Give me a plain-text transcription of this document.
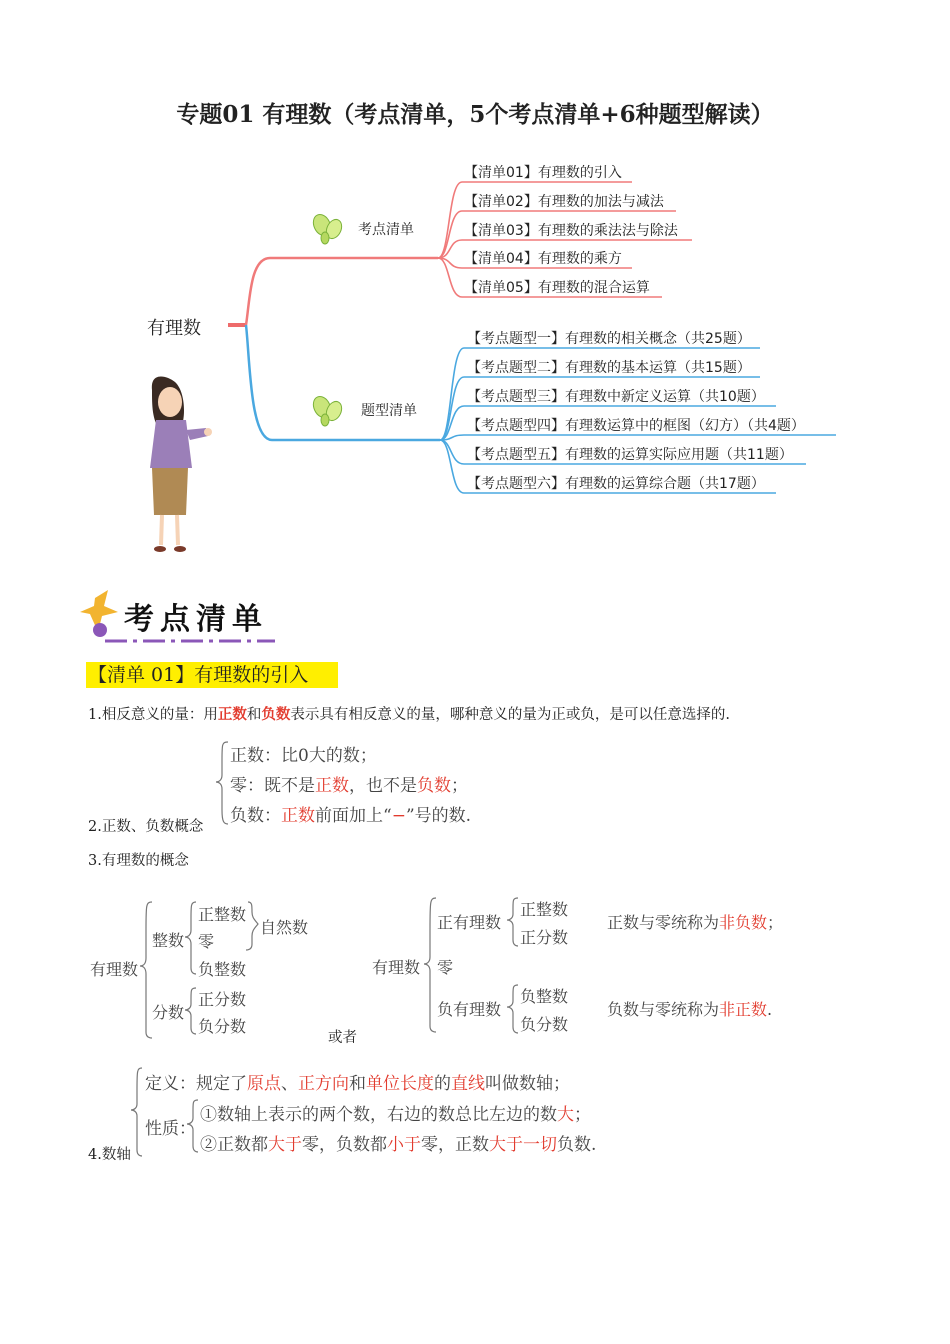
专题01 有理数（考点清单，5个考点清单+6种题型解读）
有理数
考点清单
题型清单
【清单01】有理数的引入
【清单02】有理数的加法与减法
【清单03】有理数的乘法法与除法
【清单04】有理数的乘方
【清单05】有理数的混合运算
【考点题型一】有理数的相关概念（共25题）
【考点题型二】有理数的基本运算（共15题）
【考点题型三】有理数中新定义运算（共10题）
【考点题型四】有理数运算中的框图（幻方）（共4题）
【考点题型五】有理数的运算实际应用题（共11题）
【考点题型六】有理数的运算综合题（共17题）
考点清单
【清单 01】有理数的引入
1.相反意义的量：用正数和负数表示具有相反意义的量，哪种意义的量为正或负，是可以任意选择的.
2.正数、负数概念
正数：比0大的数；
零：既不是正数，也不是负数；
负数：正数前面加上“−”号的数.
3.有理数的概念
有理数
整数
正整数
零
自然数
负整数
分数
正分数
负分数
或者
有理数
正有理数
正整数
正分数
零
负有理数
负整数
负分数
正数与零统称为非负数；
负数与零统称为非正数.
4.数轴
定义：规定了原点、正方向和单位长度的直线叫做数轴；
性质：
①数轴上表示的两个数，右边的数总比左边的数大；
②正数都大于零，负数都小于零，正数大于一切负数.
